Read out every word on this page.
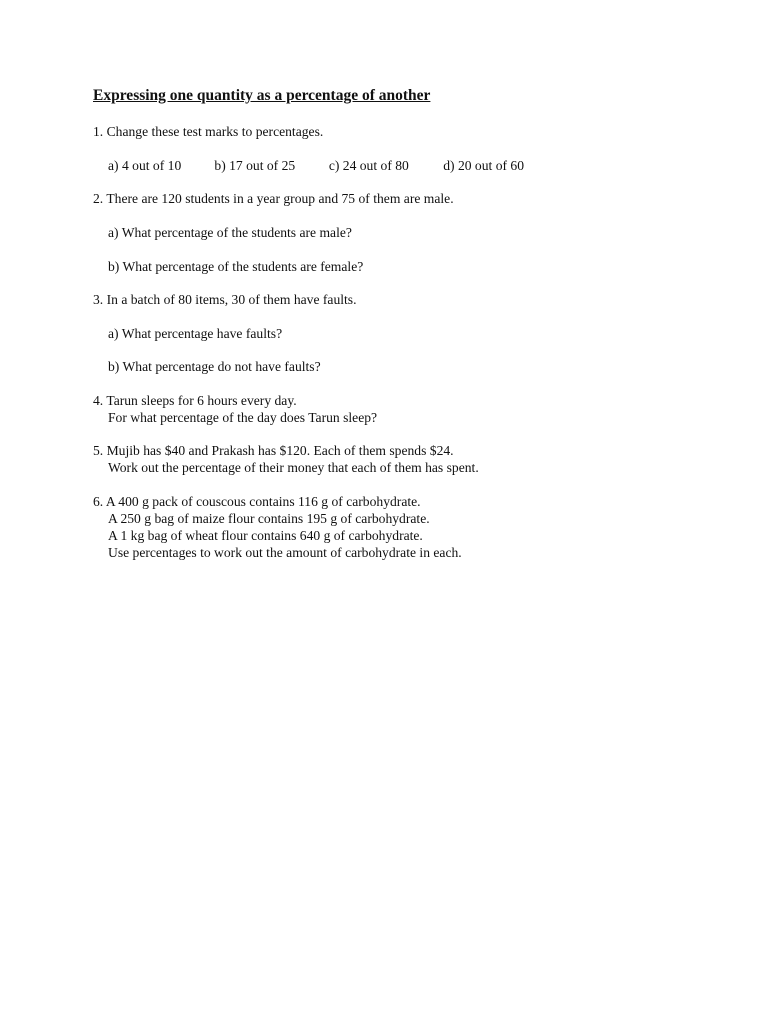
Expressing one quantity as a percentage of another
1. Change these test marks to percentages.
a) 4 out of 10 b) 17 out of 25 c) 24 out of 80	d) 20 out of 60
2. There are 120 students in a year group and 75 of them are male.
a) What percentage of the students are male?
b) What percentage of the students are female?
3. In a batch of 80 items, 30 of them have faults.
a) What percentage have faults?
b) What percentage do not have faults?
4. Tarun sleeps for 6 hours every day.
For what percentage of the day does Tarun sleep?
5. Mujib has $40 and Prakash has $120. Each of them spends $24.
Work out the percentage of their money that each of them has spent.
6. A 400 g pack of couscous contains 116 g of carbohydrate.
A 250 g bag of maize flour contains 195 g of carbohydrate.
A 1 kg bag of wheat flour contains 640 g of carbohydrate.
Use percentages to work out the amount of carbohydrate in each.
